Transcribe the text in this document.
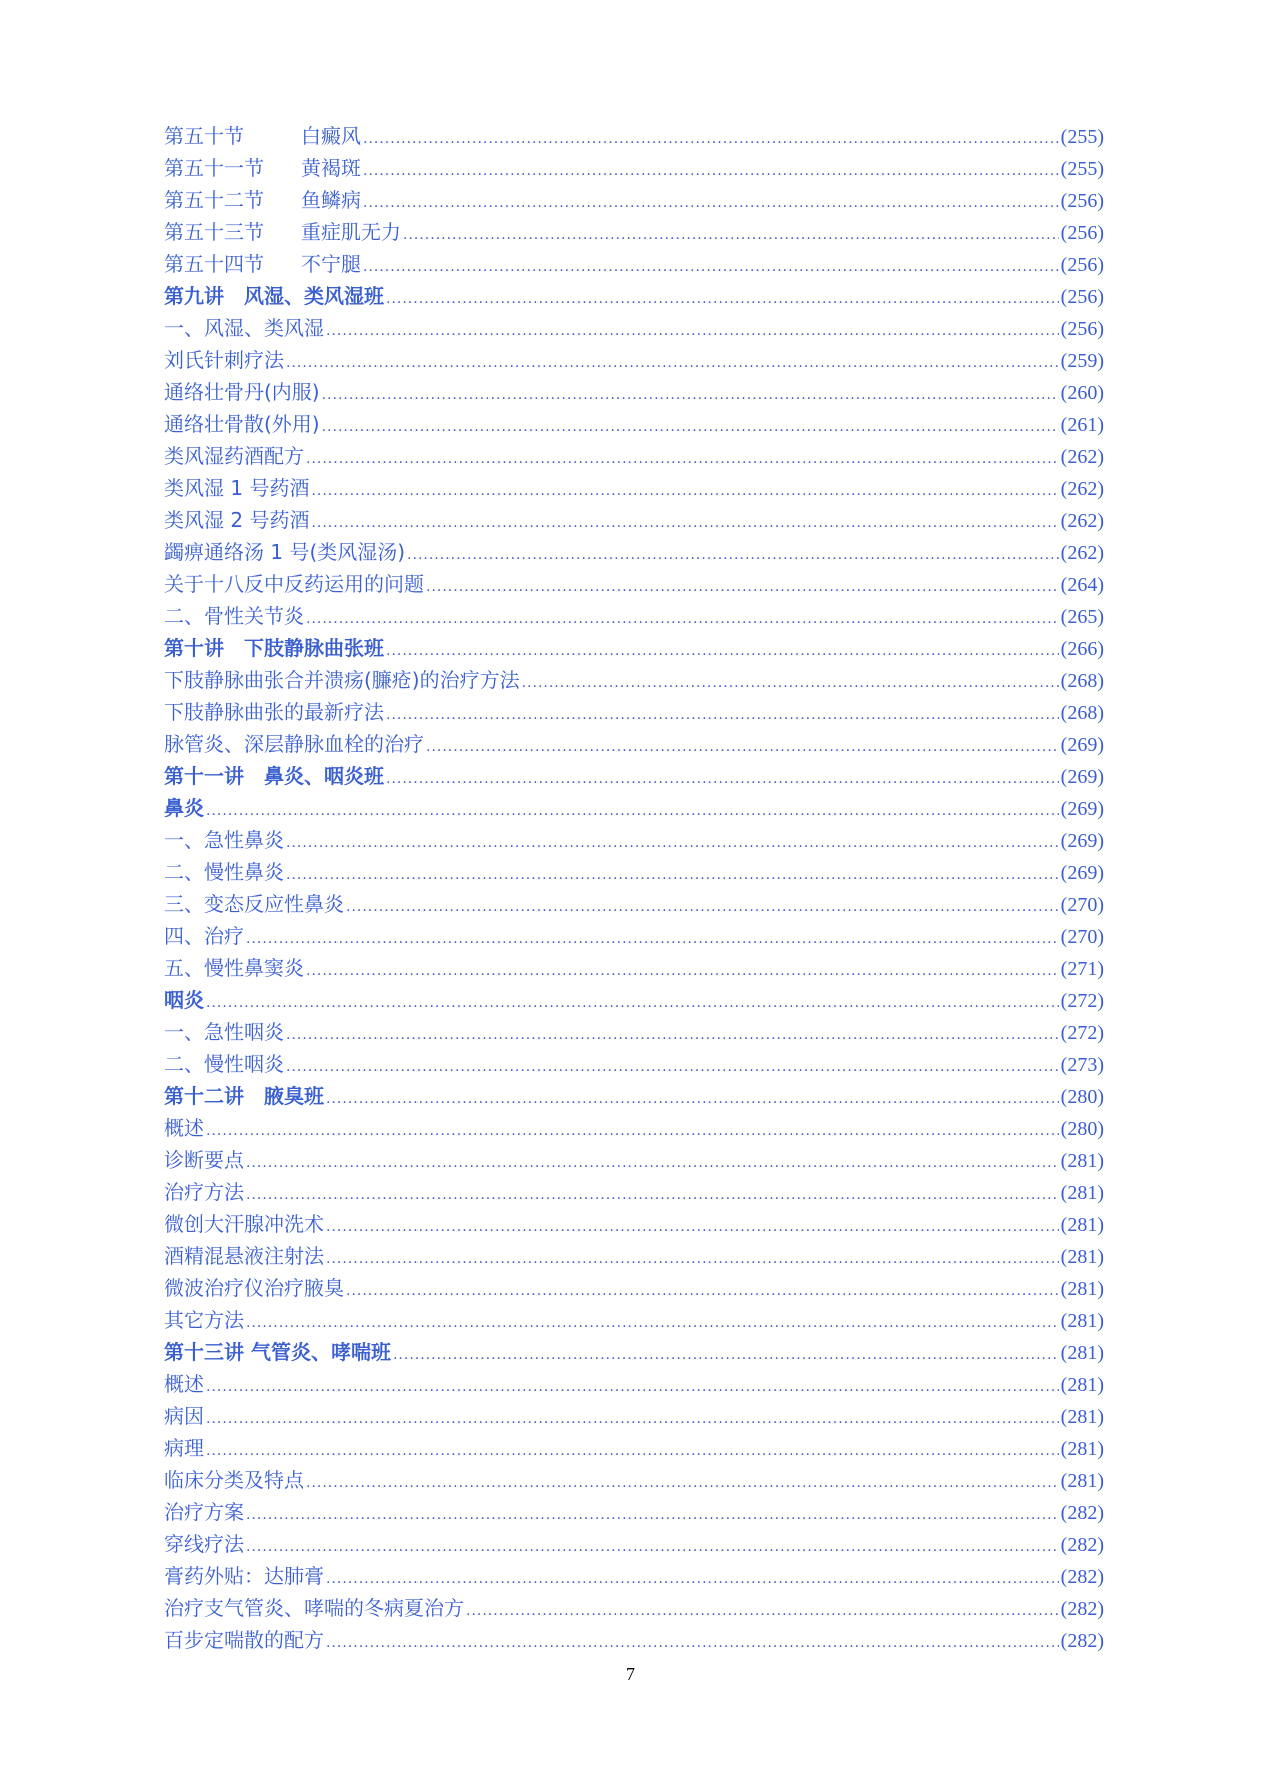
第五十节	白癜风 .....	(255)
第五十一节 黄褐斑 .....	(255)
第五十二节 鱼鳞病 .....	(256)
第五十三节 重症肌无力 .....	(256)
第五十四节 不宁腿 .....	(256)
第九讲　风湿、类风湿班 .....	(256)
一、风湿、类风湿 .....	(256)
刘氏针刺疗法 .....	(259)
通络壮骨丹(内服) .....	(260)
通络壮骨散(外用) .....	(261)
类风湿药酒配方 .....	(262)
类风湿 1 号药酒 .....	(262)
类风湿 2 号药酒 .....	(262)
蠲痹通络汤 1 号(类风湿汤) .....	(262)
关于十八反中反药运用的问题 .....	(264)
二、骨性关节炎 .....	(265)
第十讲　下肢静脉曲张班 .....	(266)
下肢静脉曲张合并溃疡(臁疮)的治疗方法 .....	(268)
下肢静脉曲张的最新疗法 .....	(268)
脉管炎、深层静脉血栓的治疗 .....	(269)
第十一讲　鼻炎、咽炎班 .....	(269)
鼻炎 .....	(269)
一、急性鼻炎 .....	(269)
二、慢性鼻炎 .....	(269)
三、变态反应性鼻炎 .....	(270)
四、治疗 .....	(270)
五、慢性鼻窦炎 .....	(271)
咽炎 .....	(272)
一、急性咽炎 .....	(272)
二、慢性咽炎 .....	(273)
第十二讲　腋臭班 .....	(280)
概述 .....	(280)
诊断要点 .....	(281)
治疗方法 .....	(281)
微创大汗腺冲洗术 .....	(281)
酒精混悬液注射法 .....	(281)
微波治疗仪治疗腋臭 .....	(281)
其它方法 .....	(281)
第十三讲 气管炎、哮喘班 .....	(281)
概述 .....	(281)
病因 .....	(281)
病理 .....	(281)
临床分类及特点 .....	(281)
治疗方案 .....	(282)
穿线疗法 .....	(282)
膏药外贴：达肺膏 .....	(282)
治疗支气管炎、哮喘的冬病夏治方 .....	(282)
百步定喘散的配方 .....	(282)
7
